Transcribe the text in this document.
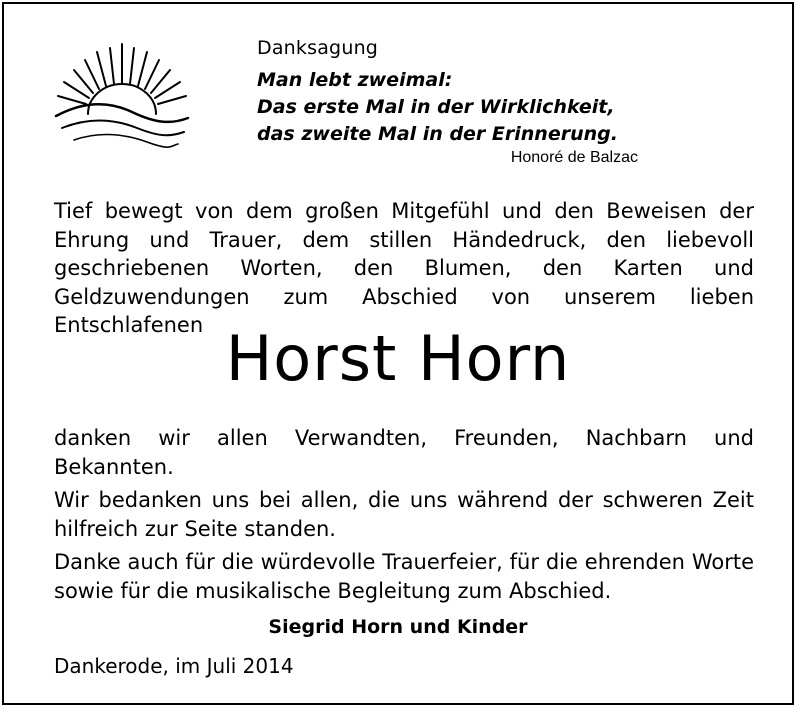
Danksagung
Man lebt zweimal:
Das erste Mal in der Wirklichkeit,
das zweite Mal in der Erinnerung.
Honoré de Balzac
Tief bewegt von dem großen Mitgefühl und den Beweisen der Ehrung und Trauer, dem stillen Händedruck, den liebevoll geschriebenen Worten, den Blumen, den Karten und Geldzuwendungen zum Abschied von unserem lieben Entschlafenen Horst Horn

danken wir allen Verwandten, Freunden, Nachbarn und Bekannten.

Wir bedanken uns bei allen, die uns während der schweren Zeit hilfreich zur Seite standen.

Danke auch für die würdevolle Trauerfeier, für die ehrenden Worte sowie für die musikalische Begleitung zum Abschied.

Siegrid Horn und Kinder
Dankerode, im Juli 2014
